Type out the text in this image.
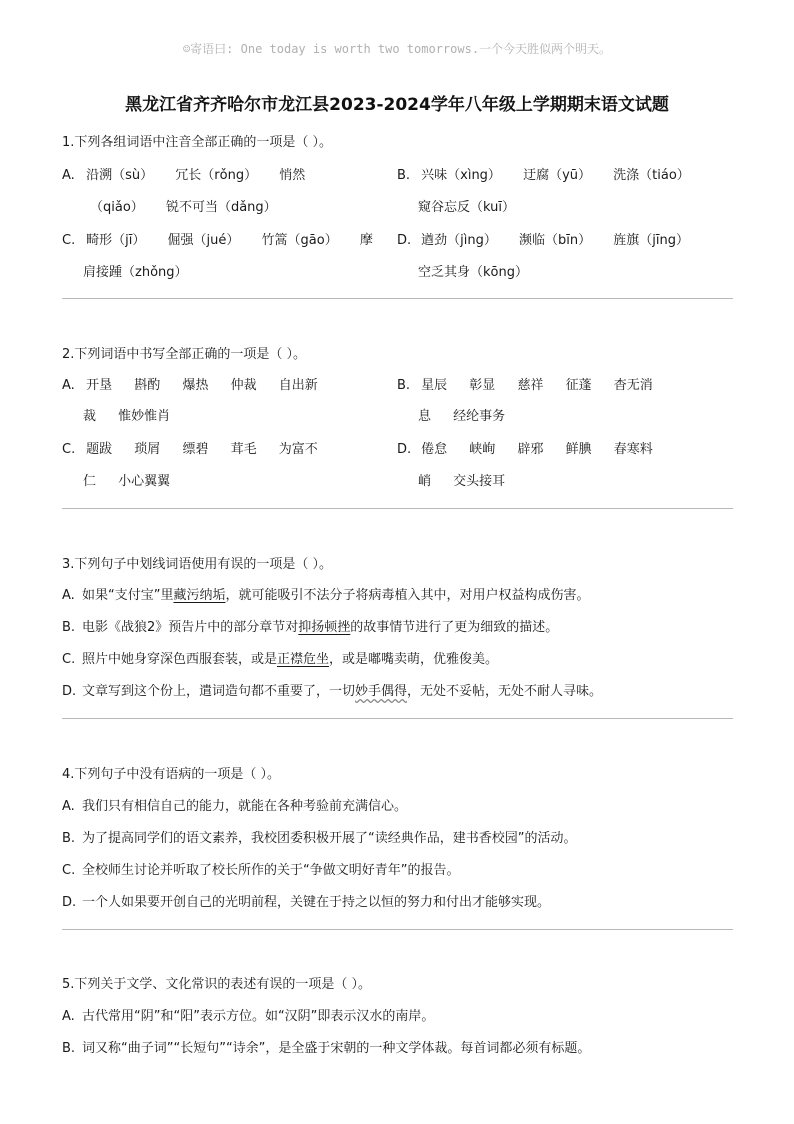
☺寄语曰: One today is worth two tomorrows.一个今天胜似两个明天。
黑龙江省齐齐哈尔市龙江县2023-2024学年八年级上学期期末语文试题
1.下列各组词语中注音全部正确的一项是（ ）。
A. 沿溯（sù） 冗长（rǒng） 悄然
（qiǎo） 锐不可当（dǎng）
B. 兴味（xìng） 迂腐（yū） 洗涤（tiáo）
窥谷忘反（kuī）
C. 畸形（jī） 倔强（jué） 竹篙（gāo） 摩
肩接踵（zhǒng）
D. 遒劲（jìng） 濒临（bīn） 旌旗（jīng）
空乏其身（kōng）
2.下列词语中书写全部正确的一项是（ ）。
A. 开垦 斟酌 爆热 仲裁 自出新
裁 惟妙惟肖
B. 星辰 彰显 慈祥 征蓬 杳无消
息 经纶事务
C. 题跋 琐屑 缥碧 茸毛 为富不
仁 小心翼翼
D. 倦怠 峡峋 辟邪 鲜腆 春寒料
峭 交头接耳
3.下列句子中划线词语使用有误的一项是（ ）。
A. 如果“支付宝”里藏污纳垢，就可能吸引不法分子将病毒植入其中，对用户权益构成伤害。
B. 电影《战狼2》预告片中的部分章节对抑扬顿挫的故事情节进行了更为细致的描述。
C. 照片中她身穿深色西服套装，或是正襟危坐，或是嘟嘴卖萌，优雅俊美。
D. 文章写到这个份上，遣词造句都不重要了，一切妙手偶得，无处不妥帖，无处不耐人寻味。
4.下列句子中没有语病的一项是（ ）。
A. 我们只有相信自己的能力，就能在各种考验前充满信心。
B. 为了提高同学们的语文素养，我校团委积极开展了“读经典作品，建书香校园”的活动。
C. 全校师生讨论并听取了校长所作的关于“争做文明好青年”的报告。
D. 一个人如果要开创自己的光明前程，关键在于持之以恒的努力和付出才能够实现。
5.下列关于文学、文化常识的表述有误的一项是（ ）。
A. 古代常用“阴”和“阳”表示方位。如“汉阴”即表示汉水的南岸。
B. 词又称“曲子词”“长短句”“诗余”，是全盛于宋朝的一种文学体裁。每首词都必须有标题。
